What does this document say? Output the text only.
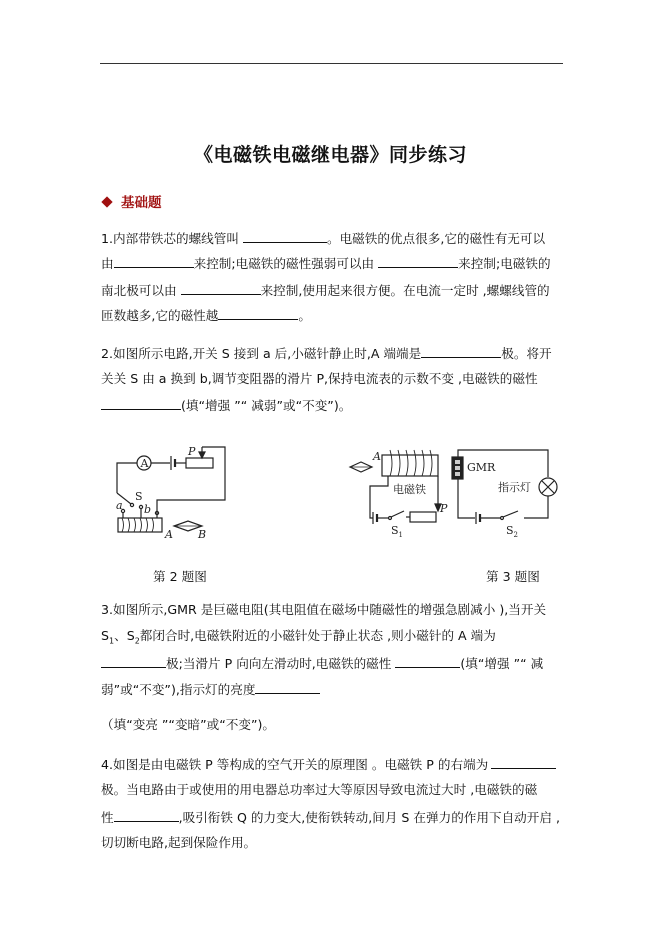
《电磁铁电磁继电器》同步练习
基础题
1.内部带铁芯的螺线管叫	。电磁铁的优点很多,它的磁性有无可以
由	来控制;电磁铁的磁性强弱可以由	来控制;电磁铁的
南北极可以由	来控制,使用起来很方便。在电流一定时 ,螺螺线管的
匝数越多,它的磁性越	。
2.如图所示电路,开关 S 接到 a 后,小磁针静止时,A 端端是	极。将开
关关 S 由 a 换到 b,调节变阻器的滑片 P,保持电流表的示数不变 ,电磁铁的磁性
(填“增强 ”“ 减弱”或“不变”)。
A
P
S
a b
A B
A
电磁铁
P
$S_1$
GMR
指示灯
$S_2$
第 2 题图	第 3 题图
3.如图所示,GMR 是巨磁电阻(其电阻值在磁场中随磁性的增强急剧减小 ),当开关
$S_1$、$S_2$都闭合时,电磁铁附近的小磁针处于静止状态 ,则小磁针的 A 端为
极;当滑片 P 向向左滑动时,电磁铁的磁性	(填“增强 ”“ 减
弱”或“不变”),指示灯的亮度
（填“变亮 ”“变暗”或“不变”)。
4.如图是由电磁铁 P 等构成的空气开关的原理图 。电磁铁 P 的右端为
极。当电路由于或使用的用电器总功率过大等原因导致电流过大时 ,电磁铁的磁
性	,吸引衔铁 Q 的力变大,使衔铁转动,间月 S 在弹力的作用下自动开启 ,
切切断电路,起到保险作用。
